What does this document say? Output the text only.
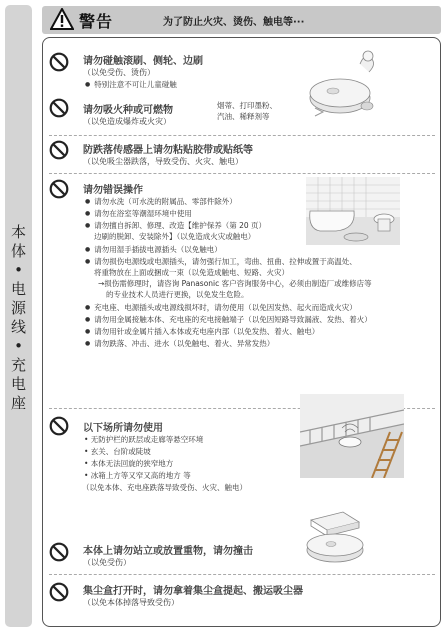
本
体
•
电
源
线
•
充
电
座
警告	为了防止火灾、烫伤、触电等···
请勿碰触滚刷、侧轮、边刷
（以免受伤、烫伤）
● 特别注意不可让儿童碰触
请勿吸火种或可燃物
（以免造成爆炸或火灾）
烟蒂、打印墨粉、
汽油、稀释剂等
防跌落传感器上请勿粘贴胶带或贴纸等
（以免吸尘器跌落，导致受伤、火灾、触电）
请勿错误操作
● 请勿水洗（可水洗的附属品、零部件除外）
● 请勿在浴室等潮湿环境中使用
● 请勿擅自拆卸、修理、改造【维护保养（第 20 页）
边刷的脱卸、安装除外】（以免造成火灾或触电）
● 请勿用湿手插拔电源插头（以免触电）
● 请勿损伤电源线或电源插头，请勿强行加工，弯曲、扭曲、拉伸或置于高温处、
将重物放在上面或捆成一束（以免造成触电、短路、火灾）
→损伤需修理时，请咨询 Panasonic 客户咨询服务中心，必须由制造厂或维修店等
的专业技术人员进行更换，以免发生危险。
● 充电座、电源插头或电源线损坏时，请勿使用（以免因发热、起火而造成火灾）
● 请勿用金属接触本体、充电座的充电接触端子（以免因短路导致漏液、发热、着火）
● 请勿用针或金属片插入本体或充电座内部（以免发热、着火、触电）
● 请勿跌落、冲击、进水（以免触电、着火、异常发热）
以下场所请勿使用
• 无防护栏的跃层或走廊等悬空环境
• 玄关、台阶或陡坡
• 本体无法回旋的狭窄地方
• 冰箱上方等又窄又高的地方 等
（以免本体、充电座跌落导致受伤、火灾、触电）
本体上请勿站立或放置重物，请勿撞击
（以免受伤）
集尘盒打开时，请勿拿着集尘盒提起、搬运吸尘器
（以免本体掉落导致受伤）
